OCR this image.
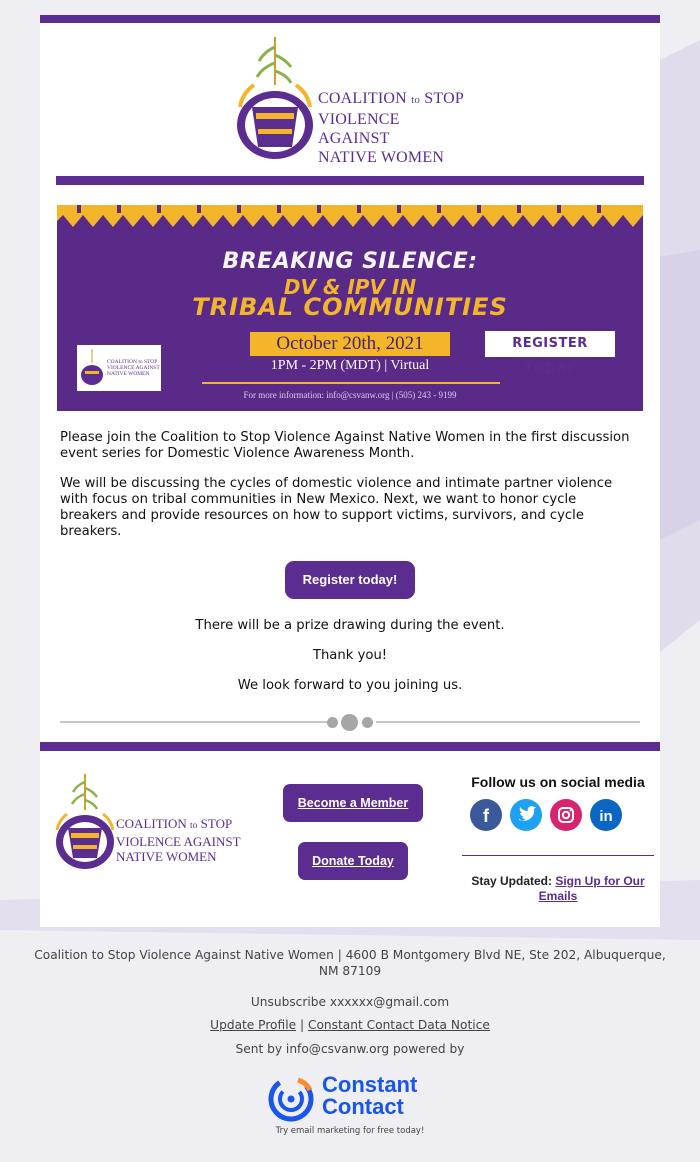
COALITION to STOP
VIOLENCE AGAINST
NATIVE WOMEN
BREAKING SILENCE:
DV & IPV IN
TRIBAL COMMUNITIES
October 20th, 2021
1PM - 2PM (MDT) | Virtual
For more information: info@csvanw.org | (505) 243 - 9199
REGISTER TODAY
COALITION to STOP
VIOLENCE AGAINST
NATIVE WOMEN

Please join the Coalition to Stop Violence Against Native Women in the first discussion event series for Domestic Violence Awareness Month.

We will be discussing the cycles of domestic violence and intimate partner violence with focus on tribal communities in New Mexico. Next, we want to honor cycle breakers and provide resources on how to support victims, survivors, and cycle breakers.

Register today!
There will be a prize drawing during the event.
Thank you!
We look forward to you joining us.
COALITION to STOP
VIOLENCE AGAINST
NATIVE WOMEN
Become a Member
Donate Today
Follow us on social media
f	in
Stay Updated: Sign Up for Our Emails
Coalition to Stop Violence Against Native Women | 4600 B Montgomery Blvd NE, Ste 202, Albuquerque, NM 87109
Unsubscribe xxxxxx@gmail.com
Update Profile | Constant Contact Data Notice
Sent by info@csvanw.org powered by
Constant
Contact
Try email marketing for free today!
